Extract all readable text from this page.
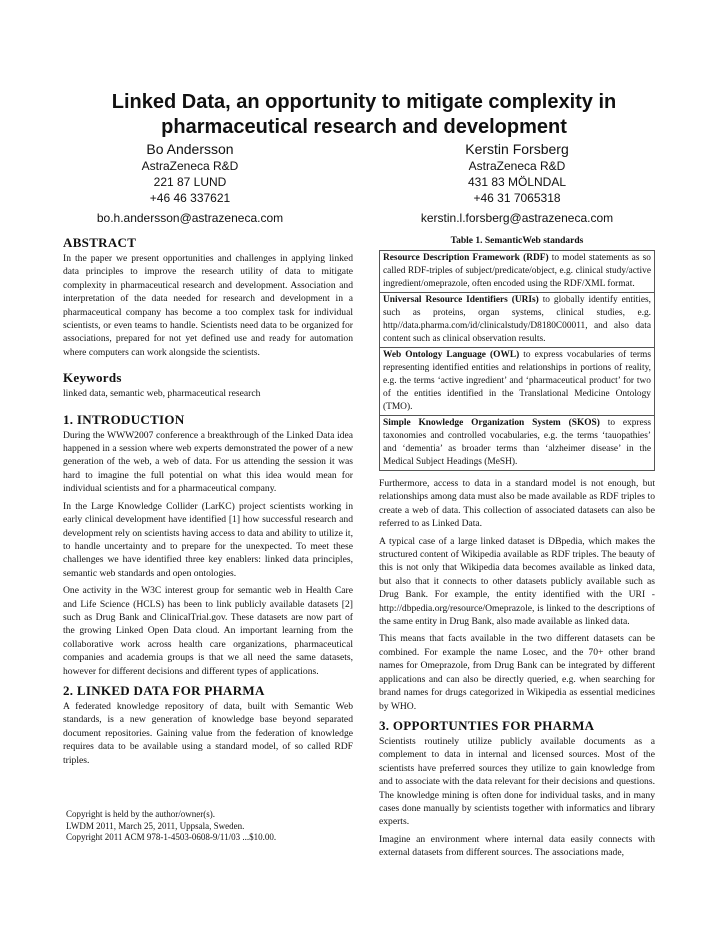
Linked Data, an opportunity to mitigate complexity in pharmaceutical research and development
Bo Andersson
AstraZeneca R&D
221 87 LUND
+46 46 337621
bo.h.andersson@astrazeneca.com
Kerstin Forsberg
AstraZeneca R&D
431 83 MÖLNDAL
+46 31 7065318
kerstin.l.forsberg@astrazeneca.com
ABSTRACT

In the paper we present opportunities and challenges in applying linked data principles to improve the research utility of data to mitigate complexity in pharmaceutical research and development. Association and interpretation of the data needed for research and development in a pharmaceutical company has become a too complex task for individual scientists, or even teams to handle. Scientists need data to be organized for associations, prepared for not yet defined use and ready for automation where computers can work alongside the scientists.

Keywords

linked data, semantic web, pharmaceutical research

1. INTRODUCTION

During the WWW2007 conference a breakthrough of the Linked Data idea happened in a session where web experts demonstrated the power of a new generation of the web, a web of data. For us attending the session it was hard to imagine the full potential on what this idea would mean for individual scientists and for a pharmaceutical company.

In the Large Knowledge Collider (LarKC) project scientists working in early clinical development have identified [1] how successful research and development rely on scientists having access to data and ability to utilize it, to handle uncertainty and to prepare for the unexpected. To meet these challenges we have identified three key enablers: linked data principles, semantic web standards and open ontologies.

One activity in the W3C interest group for semantic web in Health Care and Life Science (HCLS) has been to link publicly available datasets [2] such as Drug Bank and ClinicalTrial.gov. These datasets are now part of the growing Linked Open Data cloud. An important learning from the collaborative work across health care organizations, pharmaceutical companies and academia groups is that we all need the same datasets, however for different decisions and different types of applications.

2. LINKED DATA FOR PHARMA

A federated knowledge repository of data, built with Semantic Web standards, is a new generation of knowledge base beyond separated document repositories. Gaining value from the federation of knowledge requires data to be available using a standard model, of so called RDF triples.

Copyright is held by the author/owner(s).
LWDM 2011, March 25, 2011, Uppsala, Sweden.
Copyright 2011 ACM 978-1-4503-0608-9/11/03 ...$10.00.
Table 1. SemanticWeb standards
Resource Description Framework (RDF) to model statements as so called RDF-triples of subject/predicate/object, e.g. clinical study/active ingredient/omeprazole, often encoded using the RDF/XML format.
Universal Resource Identifiers (URIs) to globally identify entities, such as proteins, organ systems, clinical studies, e.g. http//data.pharma.com/id/clinicalstudy/D8180C00011, and also data content such as clinical observation results.
Web Ontology Language (OWL) to express vocabularies of terms representing identified entities and relationships in portions of reality, e.g. the terms ‘active ingredient’ and ‘pharmaceutical product’ for two of the entities identified in the Translational Medicine Ontology (TMO).
Simple Knowledge Organization System (SKOS) to express taxonomies and controlled vocabularies, e.g. the terms ‘tauopathies’ and ‘dementia’ as broader terms than ‘alzheimer disease’ in the Medical Subject Headings (MeSH).

Furthermore, access to data in a standard model is not enough, but relationships among data must also be made available as RDF triples to create a web of data. This collection of associated datasets can also be referred to as Linked Data.

A typical case of a large linked dataset is DBpedia, which makes the structured content of Wikipedia available as RDF triples. The beauty of this is not only that Wikipedia data becomes available as linked data, but also that it connects to other datasets publicly available such as Drug Bank. For example, the entity identified with the URI - http://dbpedia.org/resource/Omeprazole, is linked to the descriptions of the same entity in Drug Bank, also made available as linked data.

This means that facts available in the two different datasets can be combined. For example the name Losec, and the 70+ other brand names for Omeprazole, from Drug Bank can be integrated by different applications and can also be directly queried, e.g. when searching for brand names for drugs categorized in Wikipedia as essential medicines by WHO.

3. OPPORTUNTIES FOR PHARMA

Scientists routinely utilize publicly available documents as a complement to data in internal and licensed sources. Most of the scientists have preferred sources they utilize to gain knowledge from and to associate with the data relevant for their decisions and questions. The knowledge mining is often done for individual tasks, and in many cases done manually by scientists together with informatics and library experts.

Imagine an environment where internal data easily connects with external datasets from different sources. The associations made,
